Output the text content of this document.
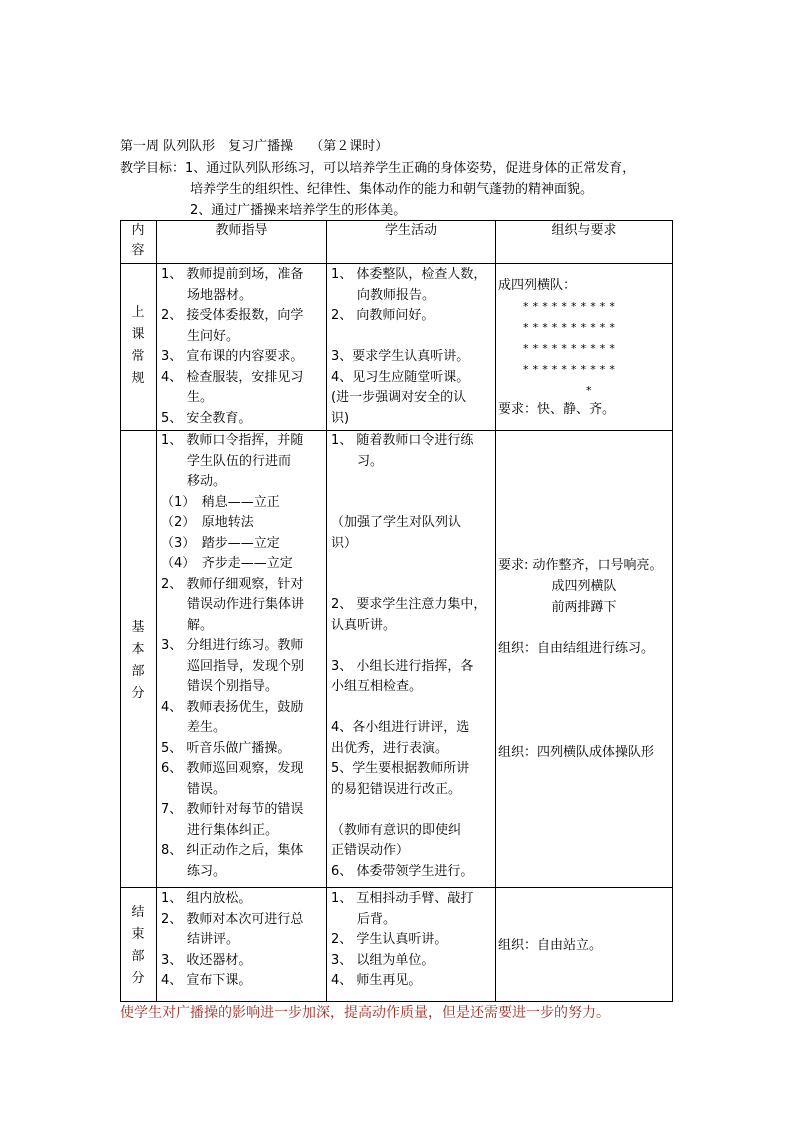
第一周 队列队形　复习广播操　 （第２课时）
教学目标：1、通过队列队形练习，可以培养学生正确的身体姿势，促进身体的正常发育，
培养学生的组织性、纪律性、集体动作的能力和朝气蓬勃的精神面貌。
2、通过广播操来培养学生的形体美。
内
容
教师指导	学生活动	组织与要求
上
课
常
规
1、 教师提前到场，准备
　　场地器材。
2、 接受体委报数，向学
　　生问好。
3、 宣布课的内容要求。
4、 检查服装，安排见习
　　生。
5、 安全教育。
1、 体委整队，检查人数，
　　向教师报告。
2、 向教师问好。
3、要求学生认真听讲。
4、见习生应随堂听课。
(进一步强调对安全的认
识)
成四列横队：
**********
**********
**********
**********
*
要求：快、静、齐。
基
本
部
分
1、 教师口令指挥，并随
　　学生队伍的行进而
　　移动。
（1）　稍息——立正
（2）　原地转法
（3）　踏步——立定
（4）　齐步走——立定
2、 教师仔细观察，针对
　　错误动作进行集体讲
　　解。
3、 分组进行练习。教师
　　巡回指导，发现个别
　　错误个别指导。
4、 教师表扬优生，鼓励
　　差生。
5、 听音乐做广播操。
6、 教师巡回观察，发现
　　错误。
7、 教师针对每节的错误
　　进行集体纠正。
8、 纠正动作之后，集体
　　练习。
1、 随着教师口令进行练
　　习。
（加强了学生对队列认
识）
2、 要求学生注意力集中，
认真听讲。
3、 小组长进行指挥，各
小组互相检查。
4、各小组进行讲评，选
出优秀，进行表演。
5、学生要根据教师所讲
的易犯错误进行改正。
（教师有意识的即使纠
正错误动作）
6、 体委带领学生进行。
要求: 动作整齐，口号响亮。
成四列横队
前两排蹲下
组织：自由结组进行练习。
组织：四列横队成体操队形
结
束
部
分
1、 组内放松。
2、 教师对本次可进行总
　　结讲评。
3、 收还器材。
4、 宣布下课。
1、 互相抖动手臂、敲打
　　后背。
2、 学生认真听讲。
3、 以组为单位。
4、 师生再见。
组织：自由站立。
使学生对广播操的影响进一步加深，提高动作质量，但是还需要进一步的努力。
